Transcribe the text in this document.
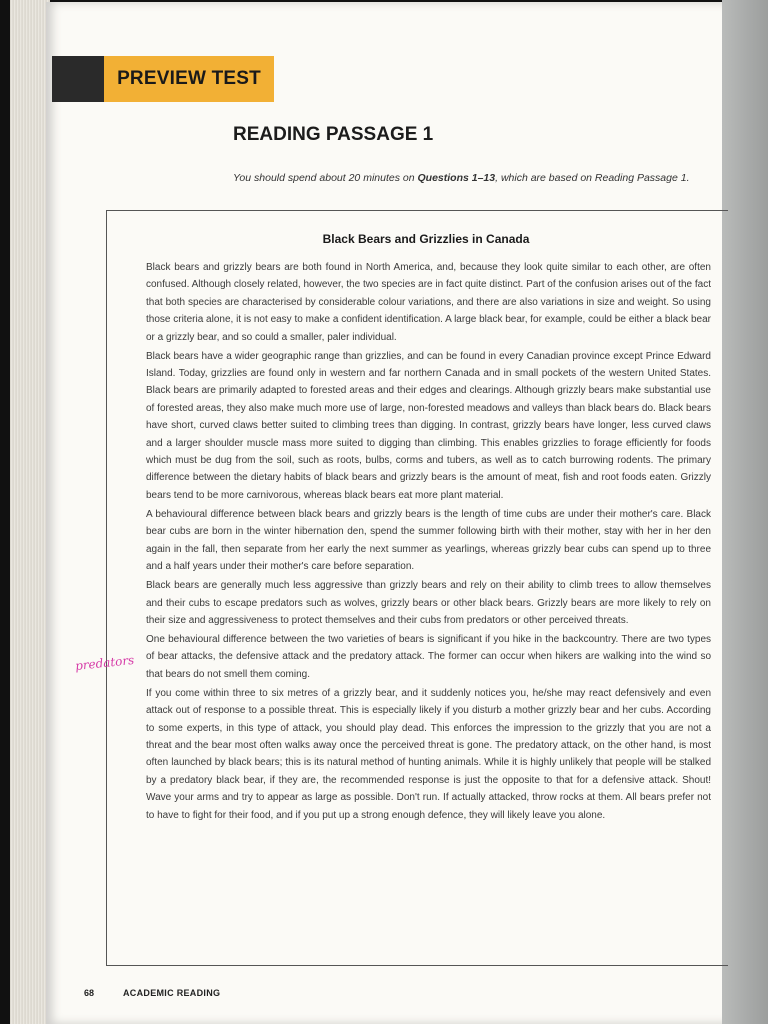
PREVIEW TEST
READING PASSAGE 1
You should spend about 20 minutes on Questions 1–13, which are based on Reading Passage 1.
Black Bears and Grizzlies in Canada

Black bears and grizzly bears are both found in North America, and, because they look quite similar to each other, are often confused. Although closely related, however, the two species are in fact quite distinct. Part of the confusion arises out of the fact that both species are characterised by considerable colour variations, and there are also variations in size and weight. So using those criteria alone, it is not easy to make a confident identification. A large black bear, for example, could be either a black bear or a grizzly bear, and so could a smaller, paler individual.

Black bears have a wider geographic range than grizzlies, and can be found in every Canadian province except Prince Edward Island. Today, grizzlies are found only in western and far northern Canada and in small pockets of the western United States. Black bears are primarily adapted to forested areas and their edges and clearings. Although grizzly bears make substantial use of forested areas, they also make much more use of large, non-forested meadows and valleys than black bears do. Black bears have short, curved claws better suited to climbing trees than digging. In contrast, grizzly bears have longer, less curved claws and a larger shoulder muscle mass more suited to digging than climbing. This enables grizzlies to forage efficiently for foods which must be dug from the soil, such as roots, bulbs, corms and tubers, as well as to catch burrowing rodents. The primary difference between the dietary habits of black bears and grizzly bears is the amount of meat, fish and root foods eaten. Grizzly bears tend to be more carnivorous, whereas black bears eat more plant material.

A behavioural difference between black bears and grizzly bears is the length of time cubs are under their mother's care. Black bear cubs are born in the winter hibernation den, spend the summer following birth with their mother, stay with her in her den again in the fall, then separate from her early the next summer as yearlings, whereas grizzly bear cubs can spend up to three and a half years under their mother's care before separation.

Black bears are generally much less aggressive than grizzly bears and rely on their ability to climb trees to allow themselves and their cubs to escape predators such as wolves, grizzly bears or other black bears. Grizzly bears are more likely to rely on their size and aggressiveness to protect themselves and their cubs from predators or other perceived threats.

One behavioural difference between the two varieties of bears is significant if you hike in the backcountry. There are two types of bear attacks, the defensive attack and the predatory attack. The former can occur when hikers are walking into the wind so that bears do not smell them coming.

If you come within three to six metres of a grizzly bear, and it suddenly notices you, he/she may react defensively and even attack out of response to a possible threat. This is especially likely if you disturb a mother grizzly bear and her cubs. According to some experts, in this type of attack, you should play dead. This enforces the impression to the grizzly that you are not a threat and the bear most often walks away once the perceived threat is gone. The predatory attack, on the other hand, is most often launched by black bears; this is its natural method of hunting animals. While it is highly unlikely that people will be stalked by a predatory black bear, if they are, the recommended response is just the opposite to that for a defensive attack. Shout! Wave your arms and try to appear as large as possible. Don't run. If actually attacked, throw rocks at them. All bears prefer not to have to fight for their food, and if you put up a strong enough defence, they will likely leave you alone.

predators
68	ACADEMIC READING
